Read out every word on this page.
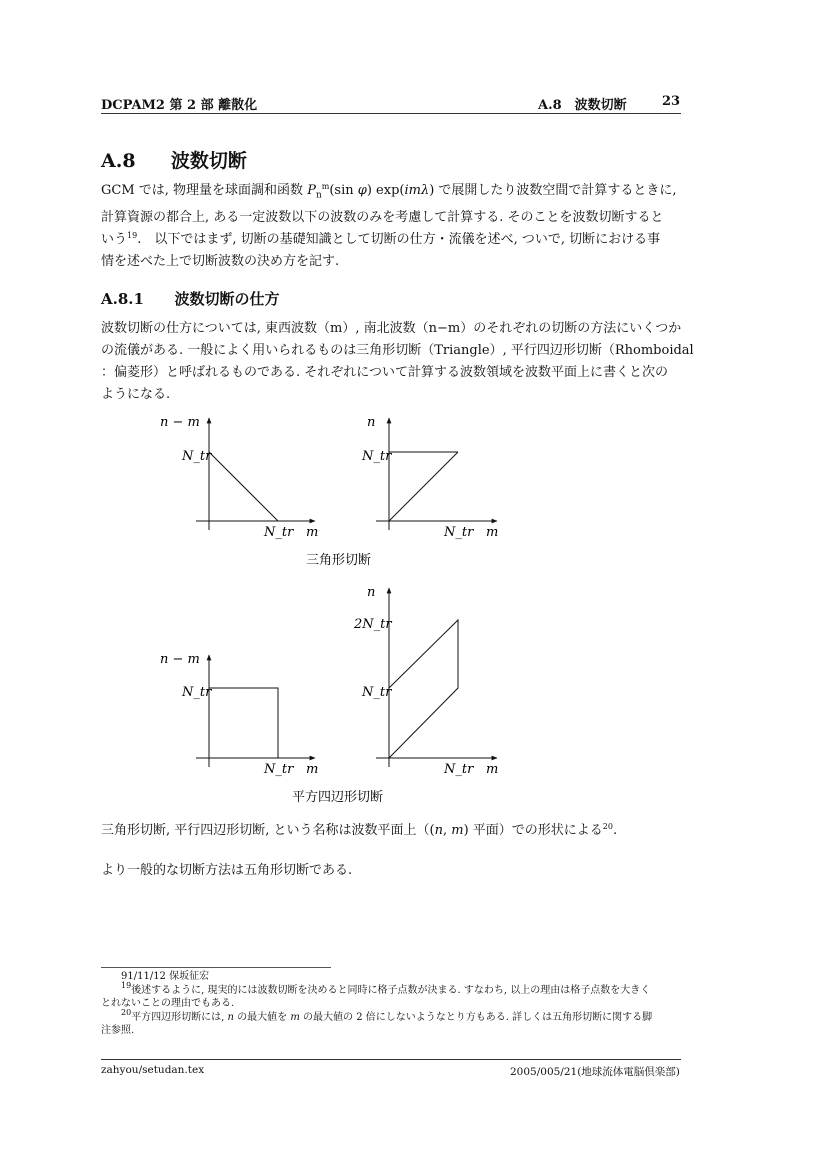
DCPAM2 第 2 部 離散化	A.8　波数切断	23
A.8 波数切断

GCM では, 物理量を球面調和函数 $P_n^m(\sin$ φ) exp(imλ) で展開したり波数空間で計算するときに,

計算資源の都合上, ある一定波数以下の波数のみを考慮して計算する. そのことを波数切断すると

いう$^{19}$.　以下ではまず, 切断の基礎知識として切断の仕方・流儀を述べ, ついで, 切断における事

情を述べた上で切断波数の決め方を記す.

A.8.1 波数切断の仕方

波数切断の仕方については, 東西波数（m）, 南北波数（n−m）のそれぞれの切断の方法にいくつか

の流儀がある. 一般によく用いられるものは三角形切断（Triangle）, 平行四辺形切断（Rhomboidal

：偏菱形）と呼ばれるものである. それぞれについて計算する波数領域を波数平面上に書くと次の

ようになる.

n − m
N_tr
N_tr m
n
N_tr
N_tr m
三角形切断
n − m
N_tr
N_tr m
n
2N_tr
N_tr
N_tr m
平方四辺形切断

三角形切断, 平行四辺形切断, という名称は波数平面上（(n, m) 平面）での形状による$^{20}$.

より一般的な切断方法は五角形切断である.

91/11/12 保坂征宏

$^{19}$後述するように, 現実的には波数切断を決めると同時に格子点数が決まる. すなわち, 以上の理由は格子点数を大きく

とれないことの理由でもある.

$^{20}$平方四辺形切断には, n の最大値を m の最大値の 2 倍にしないようなとり方もある. 詳しくは五角形切断に関する脚

注参照.

zahyou/setudan.tex	2005/005/21(地球流体電脳倶楽部)
